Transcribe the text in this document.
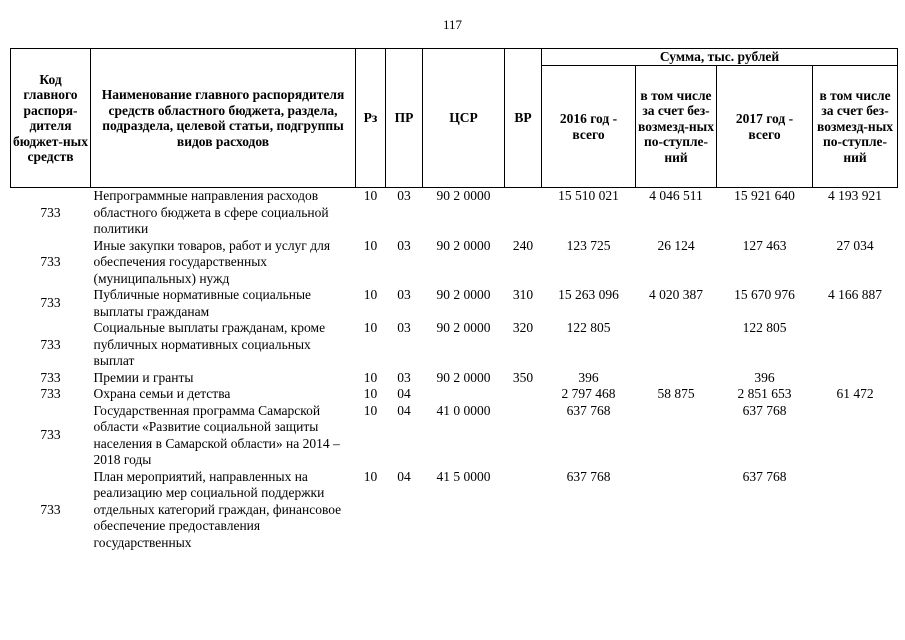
117
Код главного распоря-дителя бюджет-ных средств	Наименование главного распорядителя средств областного бюджета, раздела, подраздела, целевой статьи, подгруппы видов расходов	Рз	ПР	ЦСР	ВР	Сумма, тыс. рублей			
						2016 год - всего	в том числе за счет без-возмезд-ных по-ступле-ний	2017 год - всего	в том числе за счет без-возмезд-ных по-ступле-ний
733	Непрограммные направления расходов областного бюджета в сфере социальной политики	10	03	90 2 0000		15 510 021	4 046 511	15 921 640	4 193 921
733	Иные закупки товаров, работ и услуг для обеспечения государственных (муниципальных) нужд	10	03	90 2 0000	240	123 725	26 124	127 463	27 034
733	Публичные нормативные социальные выплаты гражданам	10	03	90 2 0000	310	15 263 096	4 020 387	15 670 976	4 166 887
733	Социальные выплаты гражданам, кроме публичных нормативных социальных выплат	10	03	90 2 0000	320	122 805		122 805	
733	Премии и гранты	10	03	90 2 0000	350	396		396	
733	Охрана семьи и детства	10	04			2 797 468	58 875	2 851 653	61 472
733	Государственная программа Самарской области «Развитие социальной защиты населения в Самарской области» на 2014 – 2018 годы	10	04	41 0 0000		637 768		637 768	
733	План мероприятий, направленных на реализацию мер социальной поддержки отдельных категорий граждан, финансовое обеспечение предоставления государственных	10	04	41 5 0000		637 768		637 768	
